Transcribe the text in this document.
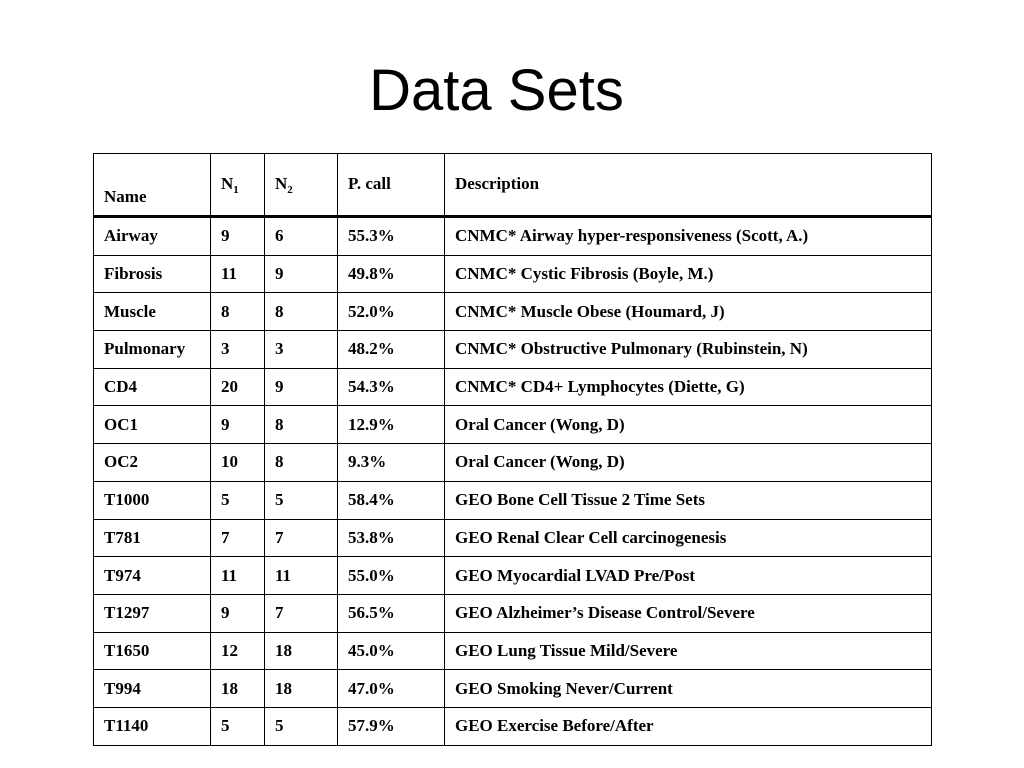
Data Sets
Name	$N_1$	$N_2$	P. call	Description
Airway	9	6	55.3%	CNMC* Airway hyper-responsiveness (Scott, A.)
Fibrosis	11	9	49.8%	CNMC* Cystic Fibrosis (Boyle, M.)
Muscle	8	8	52.0%	CNMC* Muscle Obese (Houmard, J)
Pulmonary	3	3	48.2%	CNMC* Obstructive Pulmonary (Rubinstein, N)
CD4	20	9	54.3%	CNMC* CD4+ Lymphocytes (Diette, G)
OC1	9	8	12.9%	Oral Cancer (Wong, D)
OC2	10	8	9.3%	Oral Cancer (Wong, D)
T1000	5	5	58.4%	GEO Bone Cell Tissue 2 Time Sets
T781	7	7	53.8%	GEO Renal Clear Cell carcinogenesis
T974	11	11	55.0%	GEO Myocardial LVAD Pre/Post
T1297	9	7	56.5%	GEO Alzheimer’s Disease Control/Severe
T1650	12	18	45.0%	GEO Lung Tissue Mild/Severe
T994	18	18	47.0%	GEO Smoking Never/Current
T1140	5	5	57.9%	GEO Exercise Before/After
